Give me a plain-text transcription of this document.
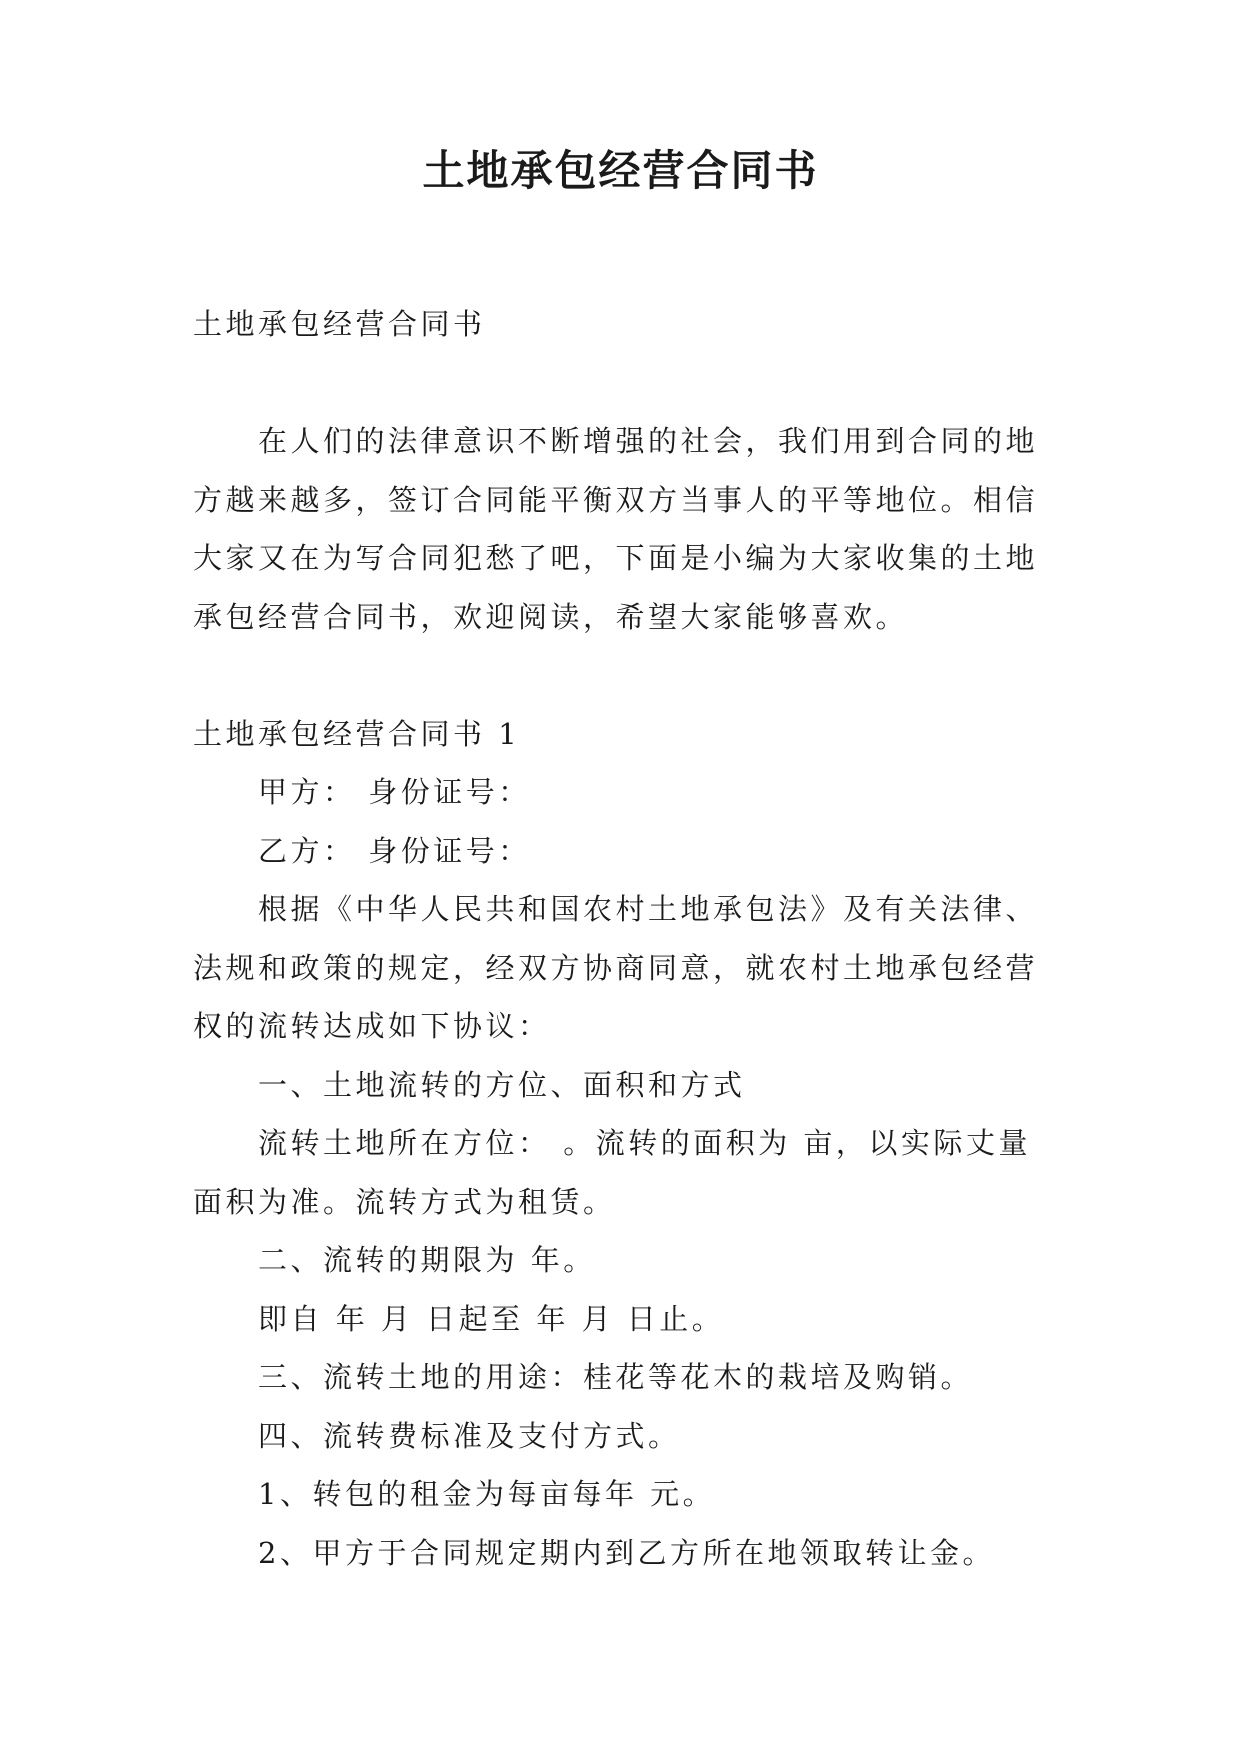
土地承包经营合同书
土地承包经营合同书
在人们的法律意识不断增强的社会，我们用到合同的地
方越来越多，签订合同能平衡双方当事人的平等地位。相信
大家又在为写合同犯愁了吧，下面是小编为大家收集的土地
承包经营合同书，欢迎阅读，希望大家能够喜欢。
土地承包经营合同书 1
甲方： 身份证号：
乙方： 身份证号：
根据《中华人民共和国农村土地承包法》及有关法律、
法规和政策的规定，经双方协商同意，就农村土地承包经营
权的流转达成如下协议：
一、土地流转的方位、面积和方式
流转土地所在方位： 。流转的面积为 亩，以实际丈量
面积为准。流转方式为租赁。
二、流转的期限为 年。
即自 年 月 日起至 年 月 日止。
三、流转土地的用途：桂花等花木的栽培及购销。
四、流转费标准及支付方式。
1、转包的租金为每亩每年 元。
2、甲方于合同规定期内到乙方所在地领取转让金。
